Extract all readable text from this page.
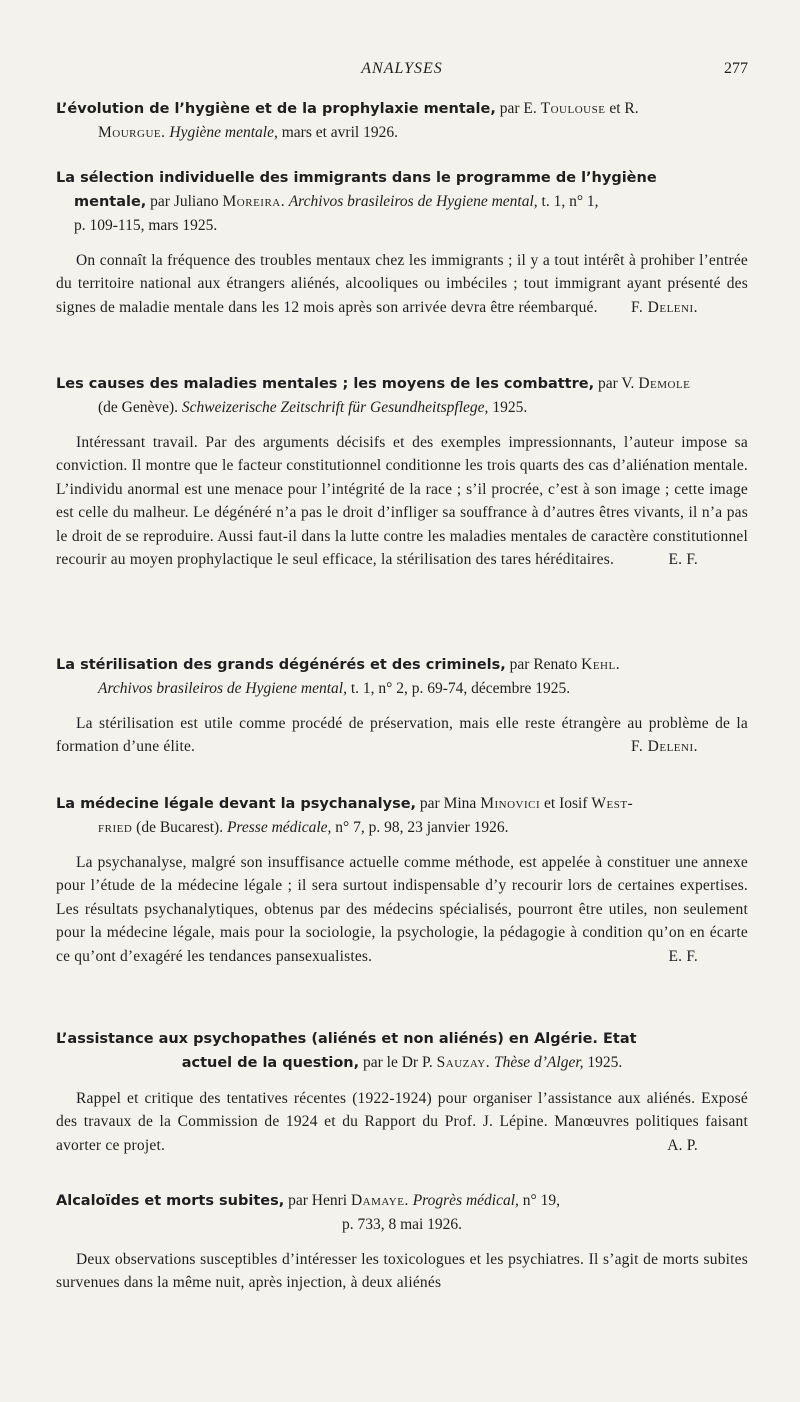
ANALYSES	277
L’évolution de l’hygiène et de la prophylaxie mentale, par E. Toulouse et R.
Mourgue. Hygiène mentale, mars et avril 1926.
La sélection individuelle des immigrants dans le programme de l’hygiène
mentale, par Juliano Moreira. Archivos brasileiros de Hygiene mental, t. 1, n° 1,
p. 109-115, mars 1925.
On connaît la fréquence des troubles mentaux chez les immigrants ; il y a tout intérêt à prohiber l’entrée du territoire national aux étrangers aliénés, alcooliques ou imbéciles ; tout immigrant ayant présenté des signes de maladie mentale dans les 12 mois après son arrivée devra être réembarqué.	F. Deleni.
Les causes des maladies mentales ; les moyens de les combattre, par V. Demole
(de Genève). Schweizerische Zeitschrift für Gesundheitspflege, 1925.
Intéressant travail. Par des arguments décisifs et des exemples impressionnants, l’auteur impose sa conviction. Il montre que le facteur constitutionnel conditionne les trois quarts des cas d’aliénation mentale. L’individu anormal est une menace pour l’intégrité de la race ; s’il procrée, c’est à son image ; cette image est celle du malheur. Le dégénéré n’a pas le droit d’infliger sa souffrance à d’autres êtres vivants, il n’a pas le droit de se reproduire. Aussi faut-il dans la lutte contre les maladies mentales de caractère constitutionnel recourir au moyen prophylactique le seul efficace, la stérilisation des tares héréditaires.	E. F.
La stérilisation des grands dégénérés et des criminels, par Renato Kehl.
Archivos brasileiros de Hygiene mental, t. 1, n° 2, p. 69-74, décembre 1925.
La stérilisation est utile comme procédé de préservation, mais elle reste étrangère au problème de la formation d’une élite.	F. Deleni.
La médecine légale devant la psychanalyse, par Mina Minovici et Iosif West-
fried (de Bucarest). Presse médicale, n° 7, p. 98, 23 janvier 1926.
La psychanalyse, malgré son insuffisance actuelle comme méthode, est appelée à constituer une annexe pour l’étude de la médecine légale ; il sera surtout indispensable d’y recourir lors de certaines expertises. Les résultats psychanalytiques, obtenus par des médecins spécialisés, pourront être utiles, non seulement pour la médecine légale, mais pour la sociologie, la psychologie, la pédagogie à condition qu’on en écarte ce qu’ont d’exagéré les tendances pansexualistes.	E. F.
L’assistance aux psychopathes (aliénés et non aliénés) en Algérie. Etat
actuel de la question, par le Dr P. Sauzay. Thèse d’Alger, 1925.
Rappel et critique des tentatives récentes (1922-1924) pour organiser l’assistance aux aliénés. Exposé des travaux de la Commission de 1924 et du Rapport du Prof. J. Lépine. Manœuvres politiques faisant avorter ce projet.	A. P.
Alcaloïdes et morts subites, par Henri Damaye. Progrès médical, n° 19,
p. 733, 8 mai 1926.
Deux observations susceptibles d’intéresser les toxicologues et les psychiatres. Il s’agit de morts subites survenues dans la même nuit, après injection, à deux aliénés
